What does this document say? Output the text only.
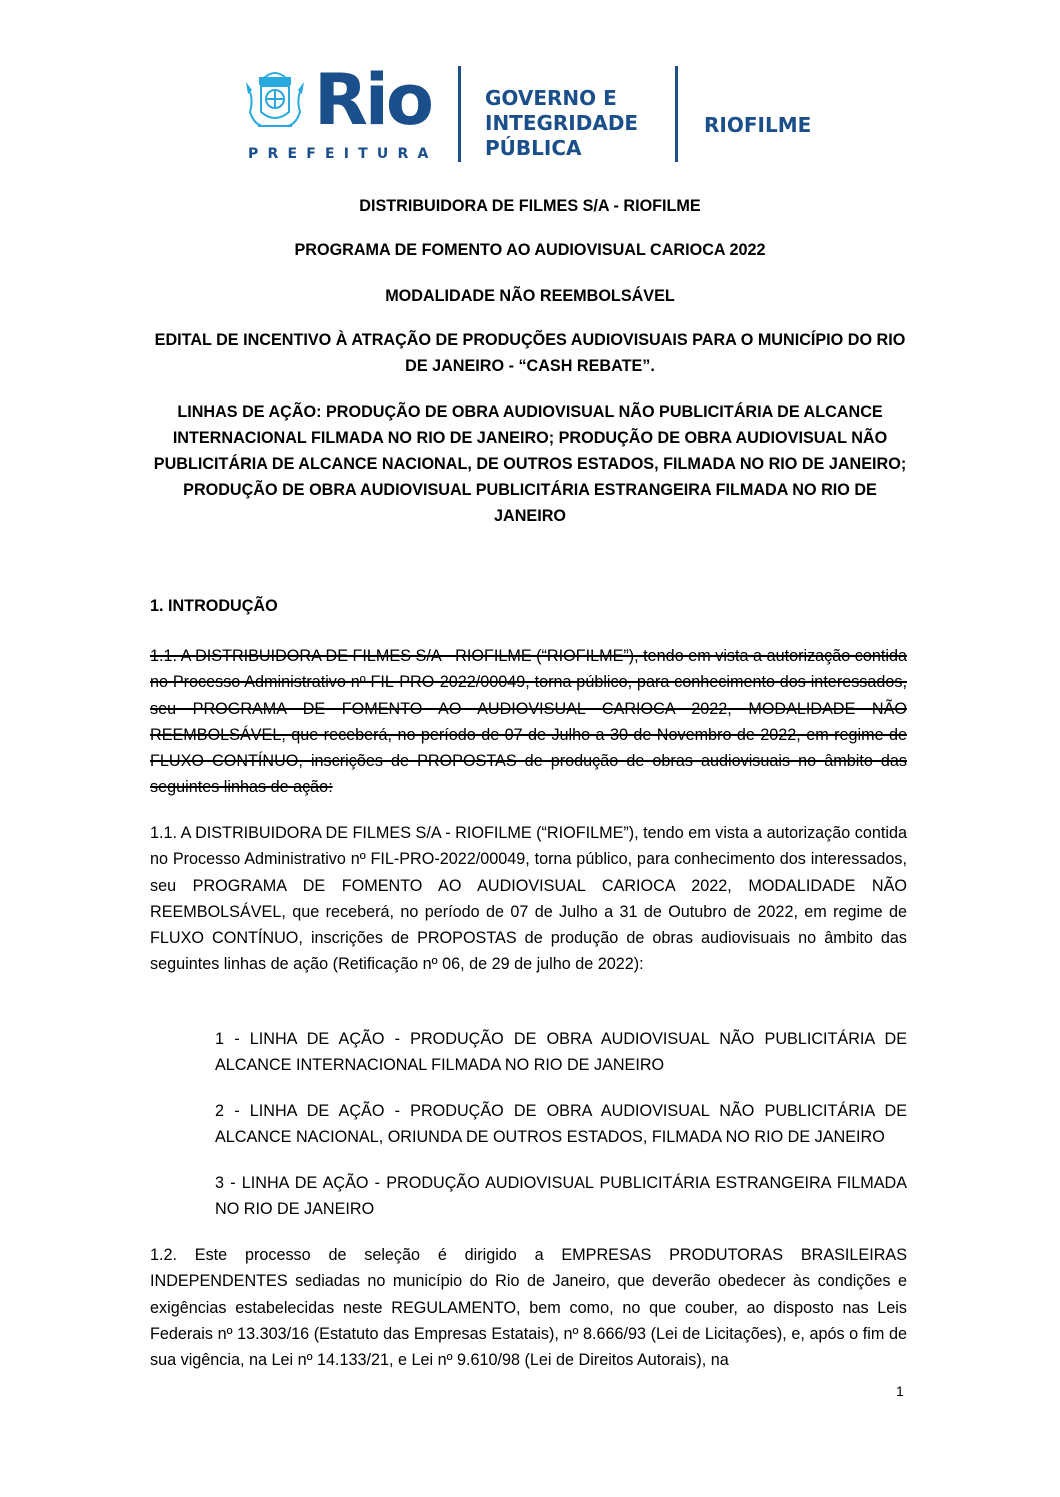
Rio
PREFEITURA
GOVERNO E
INTEGRIDADE
PÚBLICA
RIOFILME
DISTRIBUIDORA DE FILMES S/A - RIOFILME
PROGRAMA DE FOMENTO AO AUDIOVISUAL CARIOCA 2022
MODALIDADE NÃO REEMBOLSÁVEL
EDITAL DE INCENTIVO À ATRAÇÃO DE PRODUÇÕES AUDIOVISUAIS PARA O MUNICÍPIO DO RIO DE JANEIRO - “CASH REBATE”.
LINHAS DE AÇÃO: PRODUÇÃO DE OBRA AUDIOVISUAL NÃO PUBLICITÁRIA DE ALCANCE INTERNACIONAL FILMADA NO RIO DE JANEIRO; PRODUÇÃO DE OBRA AUDIOVISUAL NÃO PUBLICITÁRIA DE ALCANCE NACIONAL, DE OUTROS ESTADOS, FILMADA NO RIO DE JANEIRO; PRODUÇÃO DE OBRA AUDIOVISUAL PUBLICITÁRIA ESTRANGEIRA FILMADA NO RIO DE JANEIRO
1. INTRODUÇÃO
1.1. A DISTRIBUIDORA DE FILMES S/A - RIOFILME (“RIOFILME”), tendo em vista a autorização contida no Processo Administrativo nº FIL-PRO-2022/00049, torna público, para conhecimento dos interessados, seu PROGRAMA DE FOMENTO AO AUDIOVISUAL CARIOCA 2022, MODALIDADE NÃO REEMBOLSÁVEL, que receberá, no período de 07 de Julho a 30 de Novembro de 2022, em regime de FLUXO CONTÍNUO, inscrições de PROPOSTAS de produção de obras audiovisuais no âmbito das seguintes linhas de ação:
1.1. A DISTRIBUIDORA DE FILMES S/A - RIOFILME (“RIOFILME”), tendo em vista a autorização contida no Processo Administrativo nº FIL-PRO-2022/00049, torna público, para conhecimento dos interessados, seu PROGRAMA DE FOMENTO AO AUDIOVISUAL CARIOCA 2022, MODALIDADE NÃO REEMBOLSÁVEL, que receberá, no período de 07 de Julho a 31 de Outubro de 2022, em regime de FLUXO CONTÍNUO, inscrições de PROPOSTAS de produção de obras audiovisuais no âmbito das seguintes linhas de ação (Retificação nº 06, de 29 de julho de 2022):
1 - LINHA DE AÇÃO - PRODUÇÃO DE OBRA AUDIOVISUAL NÃO PUBLICITÁRIA DE ALCANCE INTERNACIONAL FILMADA NO RIO DE JANEIRO
2 - LINHA DE AÇÃO - PRODUÇÃO DE OBRA AUDIOVISUAL NÃO PUBLICITÁRIA DE ALCANCE NACIONAL, ORIUNDA DE OUTROS ESTADOS, FILMADA NO RIO DE JANEIRO
3 - LINHA DE AÇÃO - PRODUÇÃO AUDIOVISUAL PUBLICITÁRIA ESTRANGEIRA FILMADA NO RIO DE JANEIRO
1.2. Este processo de seleção é dirigido a EMPRESAS PRODUTORAS BRASILEIRAS INDEPENDENTES sediadas no município do Rio de Janeiro, que deverão obedecer às condições e exigências estabelecidas neste REGULAMENTO, bem como, no que couber, ao disposto nas Leis Federais nº 13.303/16 (Estatuto das Empresas Estatais), nº 8.666/93 (Lei de Licitações), e, após o fim de sua vigência, na Lei nº 14.133/21, e Lei nº 9.610/98 (Lei de Direitos Autorais), na
1
